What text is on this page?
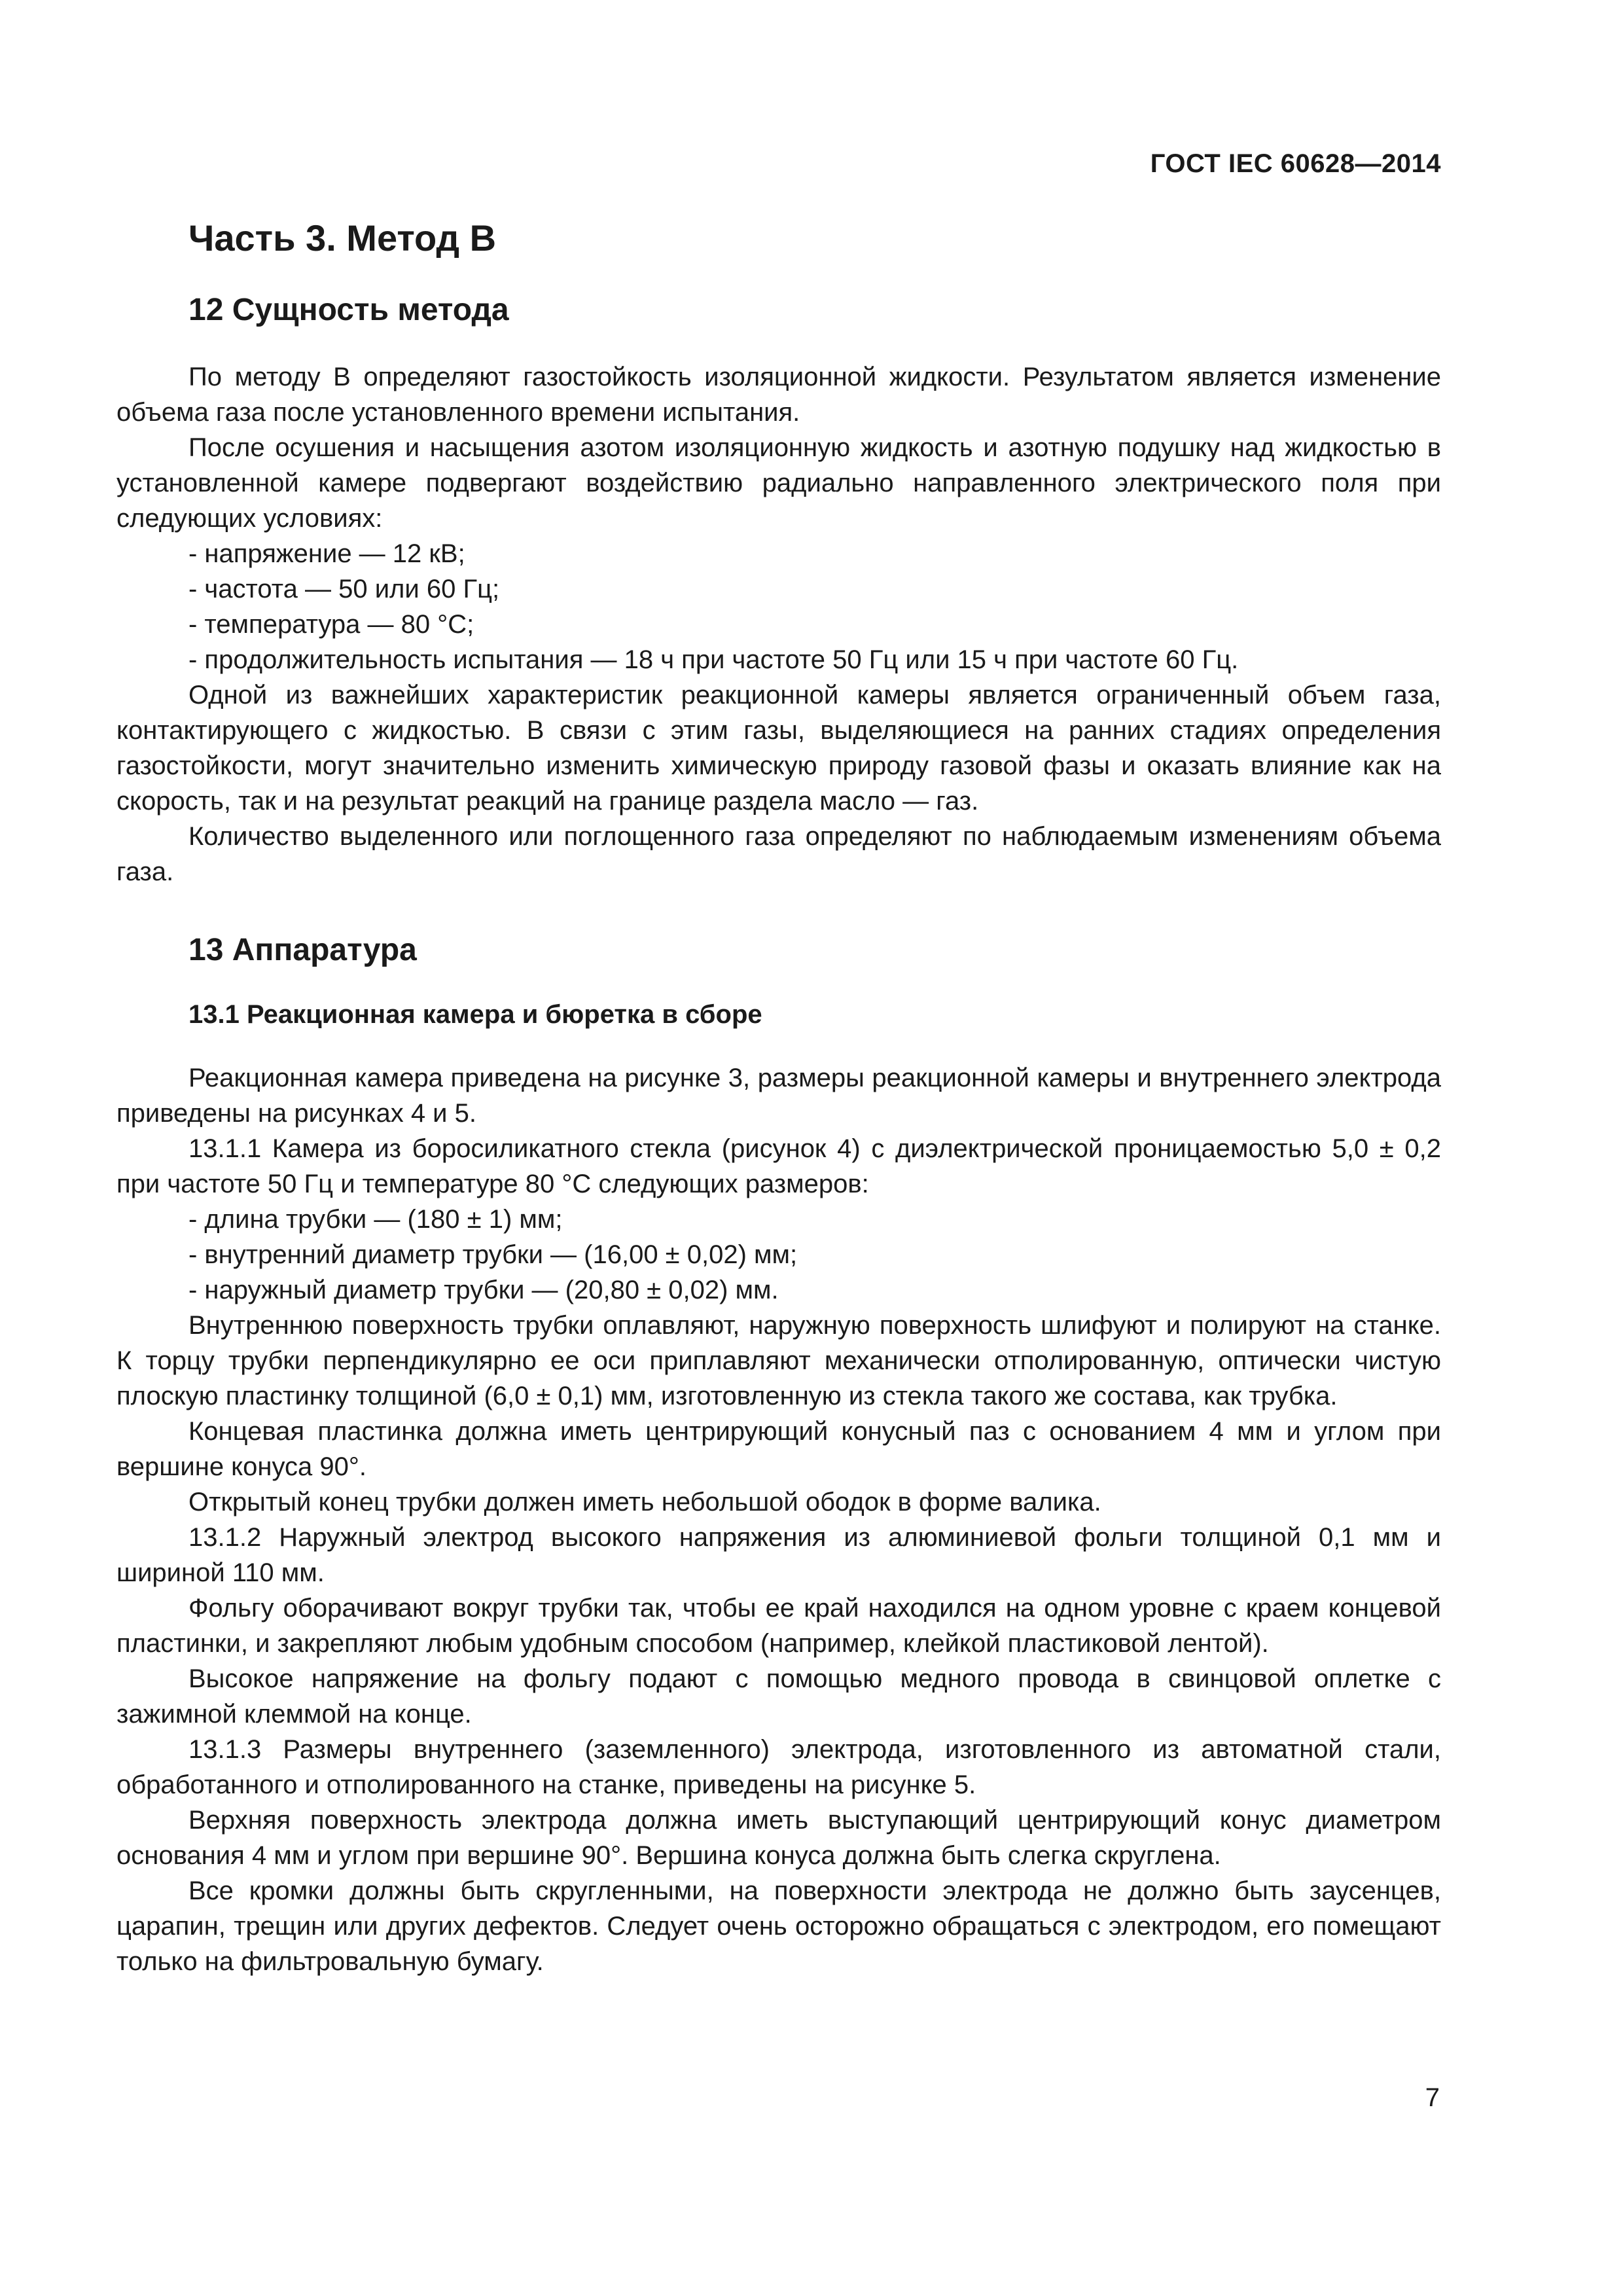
ГОСТ IEC 60628—2014
Часть 3. Метод В
12 Сущность метода

По методу В определяют газостойкость изоляционной жидкости. Результатом является изменение объема газа после установленного времени испытания.

После осушения и насыщения азотом изоляционную жидкость и азотную подушку над жидкостью в установленной камере подвергают воздействию радиально направленного электрического поля при следующих условиях:

- напряжение — 12 кВ;

- частота — 50 или 60 Гц;

- температура — 80 °С;

- продолжительность испытания — 18 ч при частоте 50 Гц или 15 ч при частоте 60 Гц.

Одной из важнейших характеристик реакционной камеры является ограниченный объем газа, контактирующего с жидкостью. В связи с этим газы, выделяющиеся на ранних стадиях определения газостойкости, могут значительно изменить химическую природу газовой фазы и оказать влияние как на скорость, так и на результат реакций на границе раздела масло — газ.

Количество выделенного или поглощенного газа определяют по наблюдаемым изменениям объема газа.

13 Аппаратура
13.1 Реакционная камера и бюретка в сборе

Реакционная камера приведена на рисунке 3, размеры реакционной камеры и внутреннего электрода приведены на рисунках 4 и 5.

13.1.1 Камера из боросиликатного стекла (рисунок 4) с диэлектрической проницаемостью 5,0 ± 0,2 при частоте 50 Гц и температуре 80 °С следующих размеров:

- длина трубки — (180 ± 1) мм;

- внутренний диаметр трубки — (16,00 ± 0,02) мм;

- наружный диаметр трубки — (20,80 ± 0,02) мм.

Внутреннюю поверхность трубки оплавляют, наружную поверхность шлифуют и полируют на станке. К торцу трубки перпендикулярно ее оси приплавляют механически отполированную, оптически чистую плоскую пластинку толщиной (6,0 ± 0,1) мм, изготовленную из стекла такого же состава, как трубка.

Концевая пластинка должна иметь центрирующий конусный паз с основанием 4 мм и углом при вершине конуса 90°.

Открытый конец трубки должен иметь небольшой ободок в форме валика.

13.1.2 Наружный электрод высокого напряжения из алюминиевой фольги толщиной 0,1 мм и шириной 110 мм.

Фольгу оборачивают вокруг трубки так, чтобы ее край находился на одном уровне с краем концевой пластинки, и закрепляют любым удобным способом (например, клейкой пластиковой лентой).

Высокое напряжение на фольгу подают с помощью медного провода в свинцовой оплетке с зажимной клеммой на конце.

13.1.3 Размеры внутреннего (заземленного) электрода, изготовленного из автоматной стали, обработанного и отполированного на станке, приведены на рисунке 5.

Верхняя поверхность электрода должна иметь выступающий центрирующий конус диаметром основания 4 мм и углом при вершине 90°. Вершина конуса должна быть слегка скруглена.

Все кромки должны быть скругленными, на поверхности электрода не должно быть заусенцев, царапин, трещин или других дефектов. Следует очень осторожно обращаться с электродом, его помещают только на фильтровальную бумагу.

7
